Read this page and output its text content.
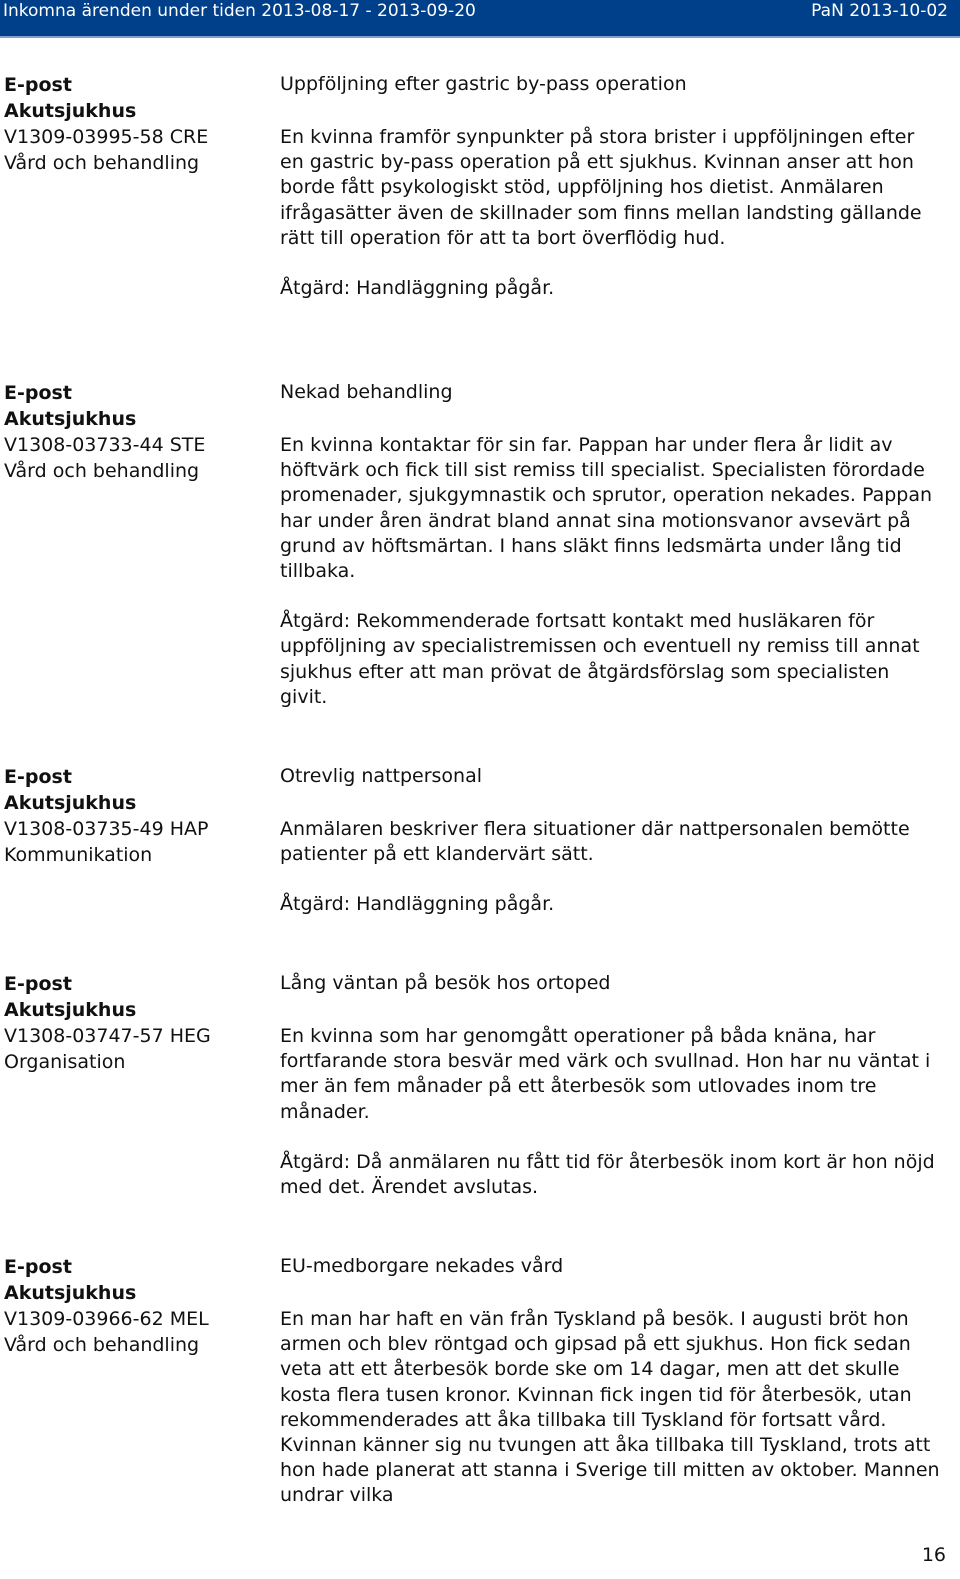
Inkomna ärenden under tiden 2013-08-17 - 2013-09-20	PaN 2013-10-02
E-post
Akutsjukhus
V1309-03995-58 CRE
Vård och behandling

Uppföljning efter gastric by-pass operation

En kvinna framför synpunkter på stora brister i uppföljningen efter en gastric by-pass operation på ett sjukhus. Kvinnan anser att hon borde fått psykologiskt stöd, uppföljning hos dietist. Anmälaren ifrågasätter även de skillnader som finns mellan landsting gällande rätt till operation för att ta bort överflödig hud.

Åtgärd: Handläggning pågår.

E-post
Akutsjukhus
V1308-03733-44 STE
Vård och behandling

Nekad behandling

En kvinna kontaktar för sin far. Pappan har under flera år lidit av höftvärk och fick till sist remiss till specialist. Specialisten förordade promenader, sjukgymnastik och sprutor, operation nekades. Pappan har under åren ändrat bland annat sina motionsvanor avsevärt på grund av höftsmärtan. I hans släkt finns ledsmärta under lång tid tillbaka.

Åtgärd: Rekommenderade fortsatt kontakt med husläkaren för uppföljning av specialistremissen och eventuell ny remiss till annat sjukhus efter att man prövat de åtgärdsförslag som specialisten givit.

E-post
Akutsjukhus
V1308-03735-49 HAP
Kommunikation

Otrevlig nattpersonal

Anmälaren beskriver flera situationer där nattpersonalen bemötte patienter på ett klandervärt sätt.

Åtgärd: Handläggning pågår.

E-post
Akutsjukhus
V1308-03747-57 HEG
Organisation

Lång väntan på besök hos ortoped

En kvinna som har genomgått operationer på båda knäna, har fortfarande stora besvär med värk och svullnad. Hon har nu väntat i mer än fem månader på ett återbesök som utlovades inom tre månader.

Åtgärd: Då anmälaren nu fått tid för återbesök inom kort är hon nöjd med det. Ärendet avslutas.

E-post
Akutsjukhus
V1309-03966-62 MEL
Vård och behandling

EU-medborgare nekades vård

En man har haft en vän från Tyskland på besök. I augusti bröt hon armen och blev röntgad och gipsad på ett sjukhus. Hon fick sedan veta att ett återbesök borde ske om 14 dagar, men att det skulle kosta flera tusen kronor. Kvinnan fick ingen tid för återbesök, utan rekommenderades att åka tillbaka till Tyskland för fortsatt vård. Kvinnan känner sig nu tvungen att åka tillbaka till Tyskland, trots att hon hade planerat att stanna i Sverige till mitten av oktober. Mannen undrar vilka

16
